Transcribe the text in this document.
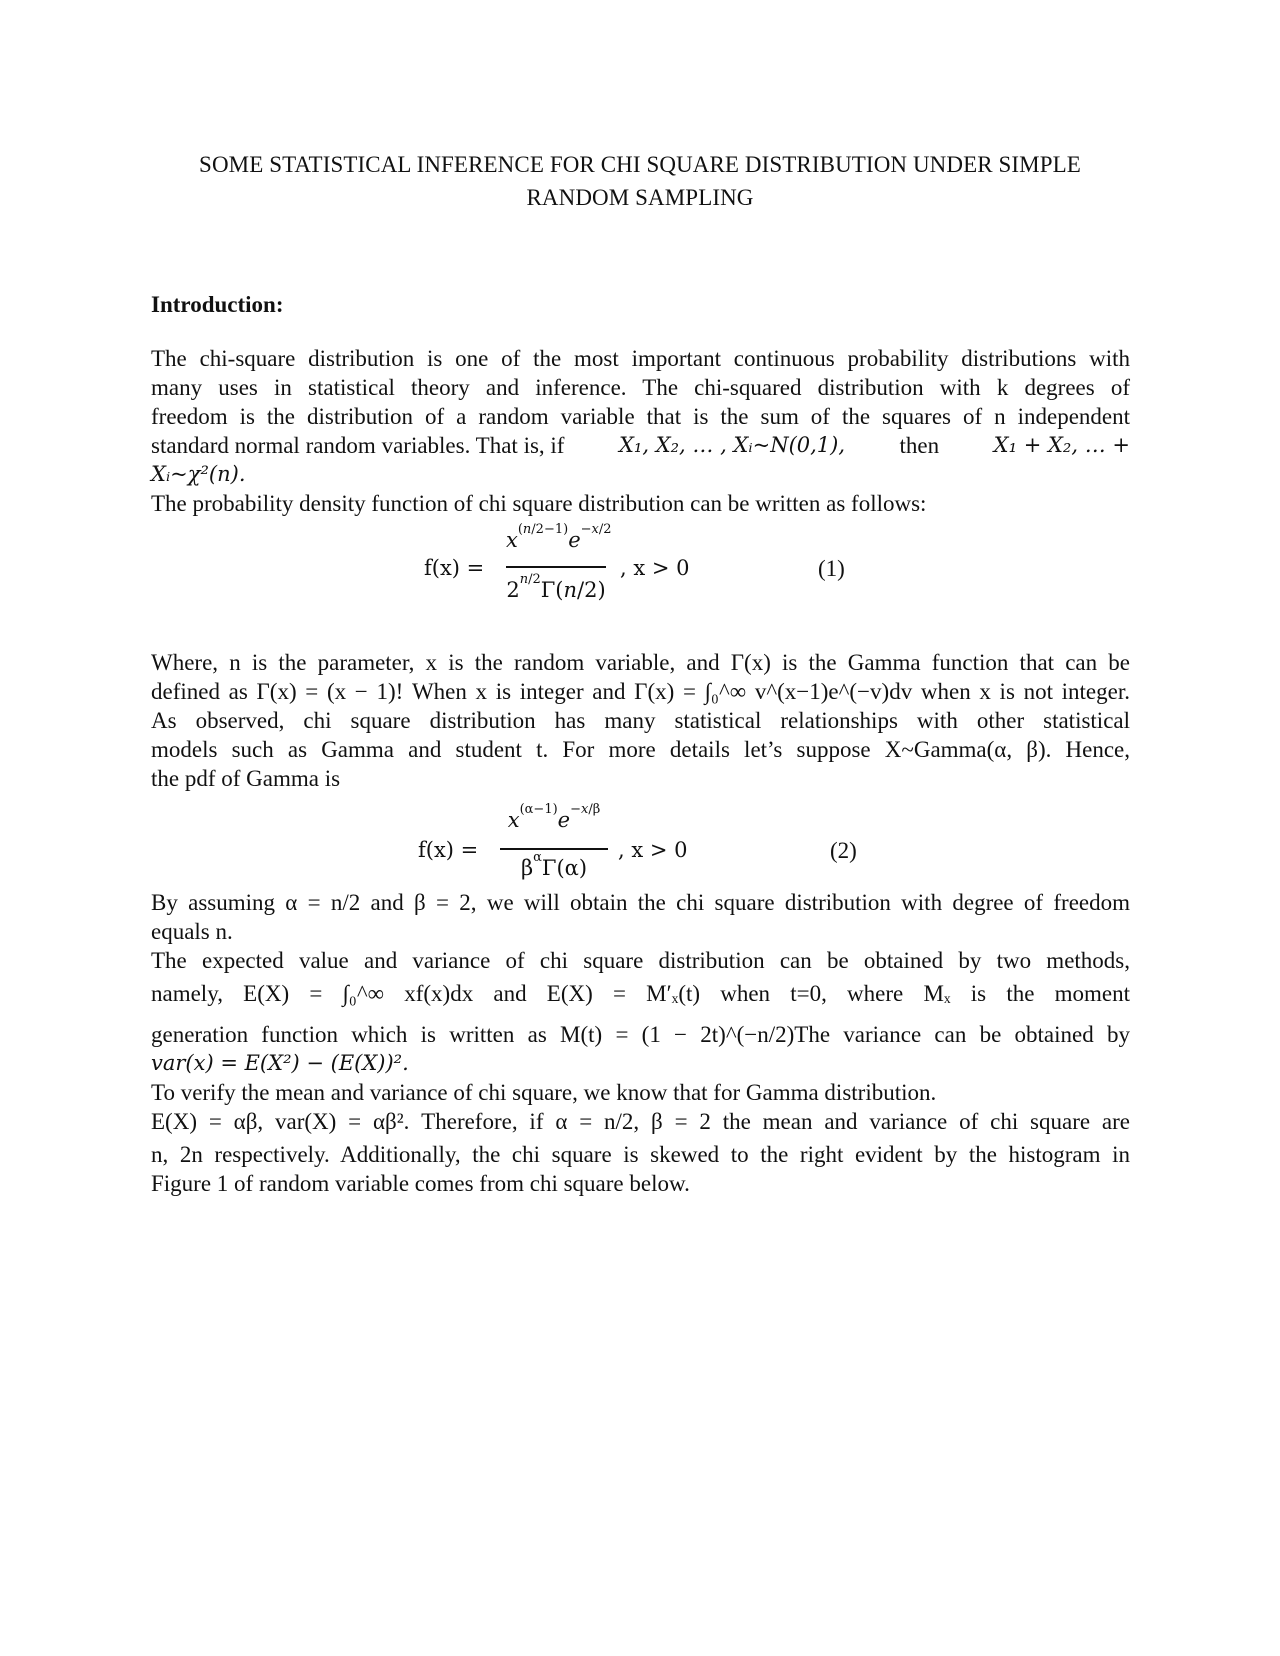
SOME STATISTICAL INFERENCE FOR CHI SQUARE DISTRIBUTION UNDER SIMPLE
RANDOM SAMPLING
Introduction:
The chi-square distribution is one of the most important continuous probability distributions with
many uses in statistical theory and inference. The chi-squared distribution with k degrees of
freedom is the distribution of a random variable that is the sum of the squares of n independent
standard normal random variables. That is, if	X₁, X₂, … , Xᵢ~N(0,1), then	X₁ + X₂, … +
Xᵢ~χ²(n).
The probability density function of chi square distribution can be written as follows:
f(x) =
$x^{(n/2-1)}e^{-x/2}$
$2^{n/2}\Gamma(n/2)$
, x > 0	(1)
Where, n is the parameter, x is the random variable, and Γ(x) is the Gamma function that can be
defined as Γ(x) = (x − 1)! When x is integer and Γ(x) = ∫₀^∞ v^(x−1)e^(−v)dv when x is not integer.
As observed, chi square distribution has many statistical relationships with other statistical
models such as Gamma and student t. For more details let’s suppose X~Gamma(α, β). Hence,
the pdf of Gamma is
f(x) =
$x^{(\alpha-1)}e^{-x/\beta}$
$\beta^\alpha\Gamma(\alpha)$
, x > 0	(2)
By assuming α = n/2 and β = 2, we will obtain the chi square distribution with degree of freedom
equals n.
The expected value and variance of chi square distribution can be obtained by two methods,
namely, E(X) = ∫₀^∞ xf(x)dx and E(X) = M′ₓ(t) when t=0, where Mₓ is the moment
generation function which is written as M(t) = (1 − 2t)^(−n/2)The variance can be obtained by
var(x) = E(X²) − (E(X))².
To verify the mean and variance of chi square, we know that for Gamma distribution.
E(X) = αβ, var(X) = αβ². Therefore, if α = n/2, β = 2 the mean and variance of chi square are
n, 2n respectively. Additionally, the chi square is skewed to the right evident by the histogram in
Figure 1 of random variable comes from chi square below.
